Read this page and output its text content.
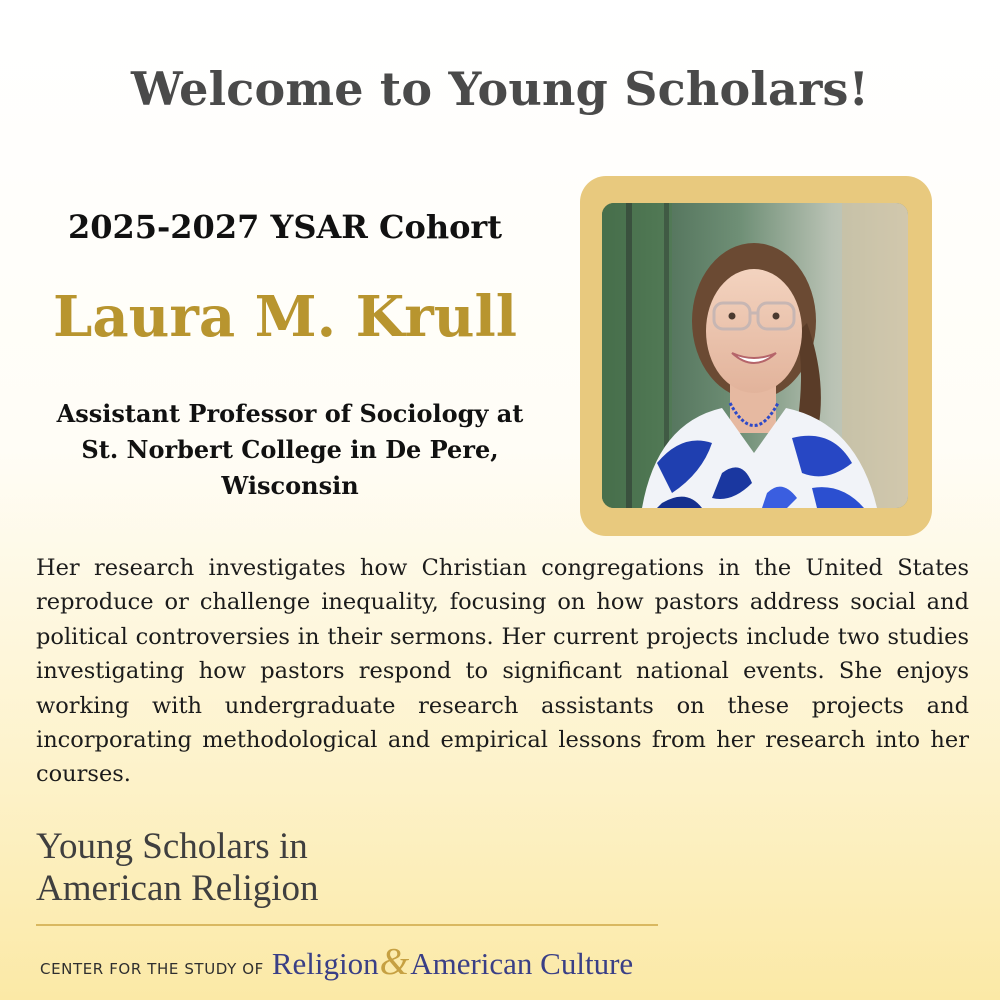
Welcome to Young Scholars!
2025-2027 YSAR Cohort
Laura M. Krull

Assistant Professor of Sociology at St. Norbert College in De Pere, Wisconsin

Her research investigates how Christian congregations in the United States reproduce or challenge inequality, focusing on how pastors address social and political controversies in their sermons. Her current projects include two studies investigating how pastors respond to significant national events. She enjoys working with undergraduate research assistants on these projects and incorporating methodological and empirical lessons from her research into her courses.

Young Scholars in
American Religion
CENTER FOR THE STUDY OF Religion & American Culture
